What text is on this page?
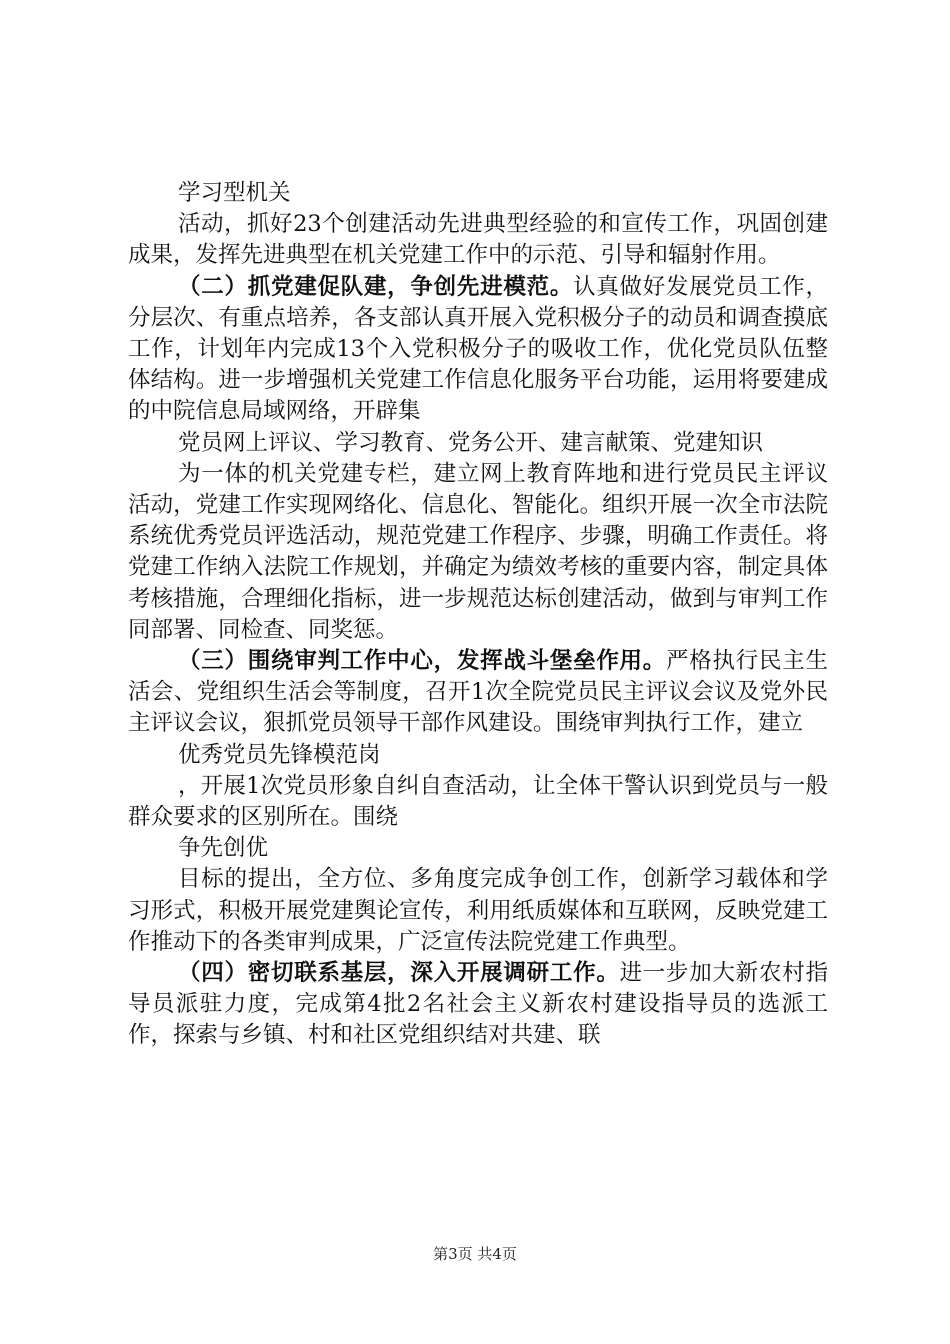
学习型机关

活动，抓好23个创建活动先进典型经验的和宣传工作，巩固创建成果，发挥先进典型在机关党建工作中的示范、引导和辐射作用。

（二）抓党建促队建，争创先进模范。认真做好发展党员工作，分层次、有重点培养，各支部认真开展入党积极分子的动员和调查摸底工作，计划年内完成13个入党积极分子的吸收工作，优化党员队伍整体结构。进一步增强机关党建工作信息化服务平台功能，运用将要建成的中院信息局域网络，开辟集

党员网上评议、学习教育、党务公开、建言献策、党建知识

为一体的机关党建专栏，建立网上教育阵地和进行党员民主评议活动，党建工作实现网络化、信息化、智能化。组织开展一次全市法院系统优秀党员评选活动，规范党建工作程序、步骤，明确工作责任。将党建工作纳入法院工作规划，并确定为绩效考核的重要内容，制定具体考核措施，合理细化指标，进一步规范达标创建活动，做到与审判工作同部署、同检查、同奖惩。

（三）围绕审判工作中心，发挥战斗堡垒作用。严格执行民主生活会、党组织生活会等制度，召开1次全院党员民主评议会议及党外民主评议会议，狠抓党员领导干部作风建设。围绕审判执行工作，建立

优秀党员先锋模范岗

，开展1次党员形象自纠自查活动，让全体干警认识到党员与一般群众要求的区别所在。围绕

争先创优

目标的提出，全方位、多角度完成争创工作，创新学习载体和学习形式，积极开展党建舆论宣传，利用纸质媒体和互联网，反映党建工作推动下的各类审判成果，广泛宣传法院党建工作典型。

（四）密切联系基层，深入开展调研工作。进一步加大新农村指导员派驻力度，完成第4批2名社会主义新农村建设指导员的选派工作，探索与乡镇、村和社区党组织结对共建、联

第3页 共4页
